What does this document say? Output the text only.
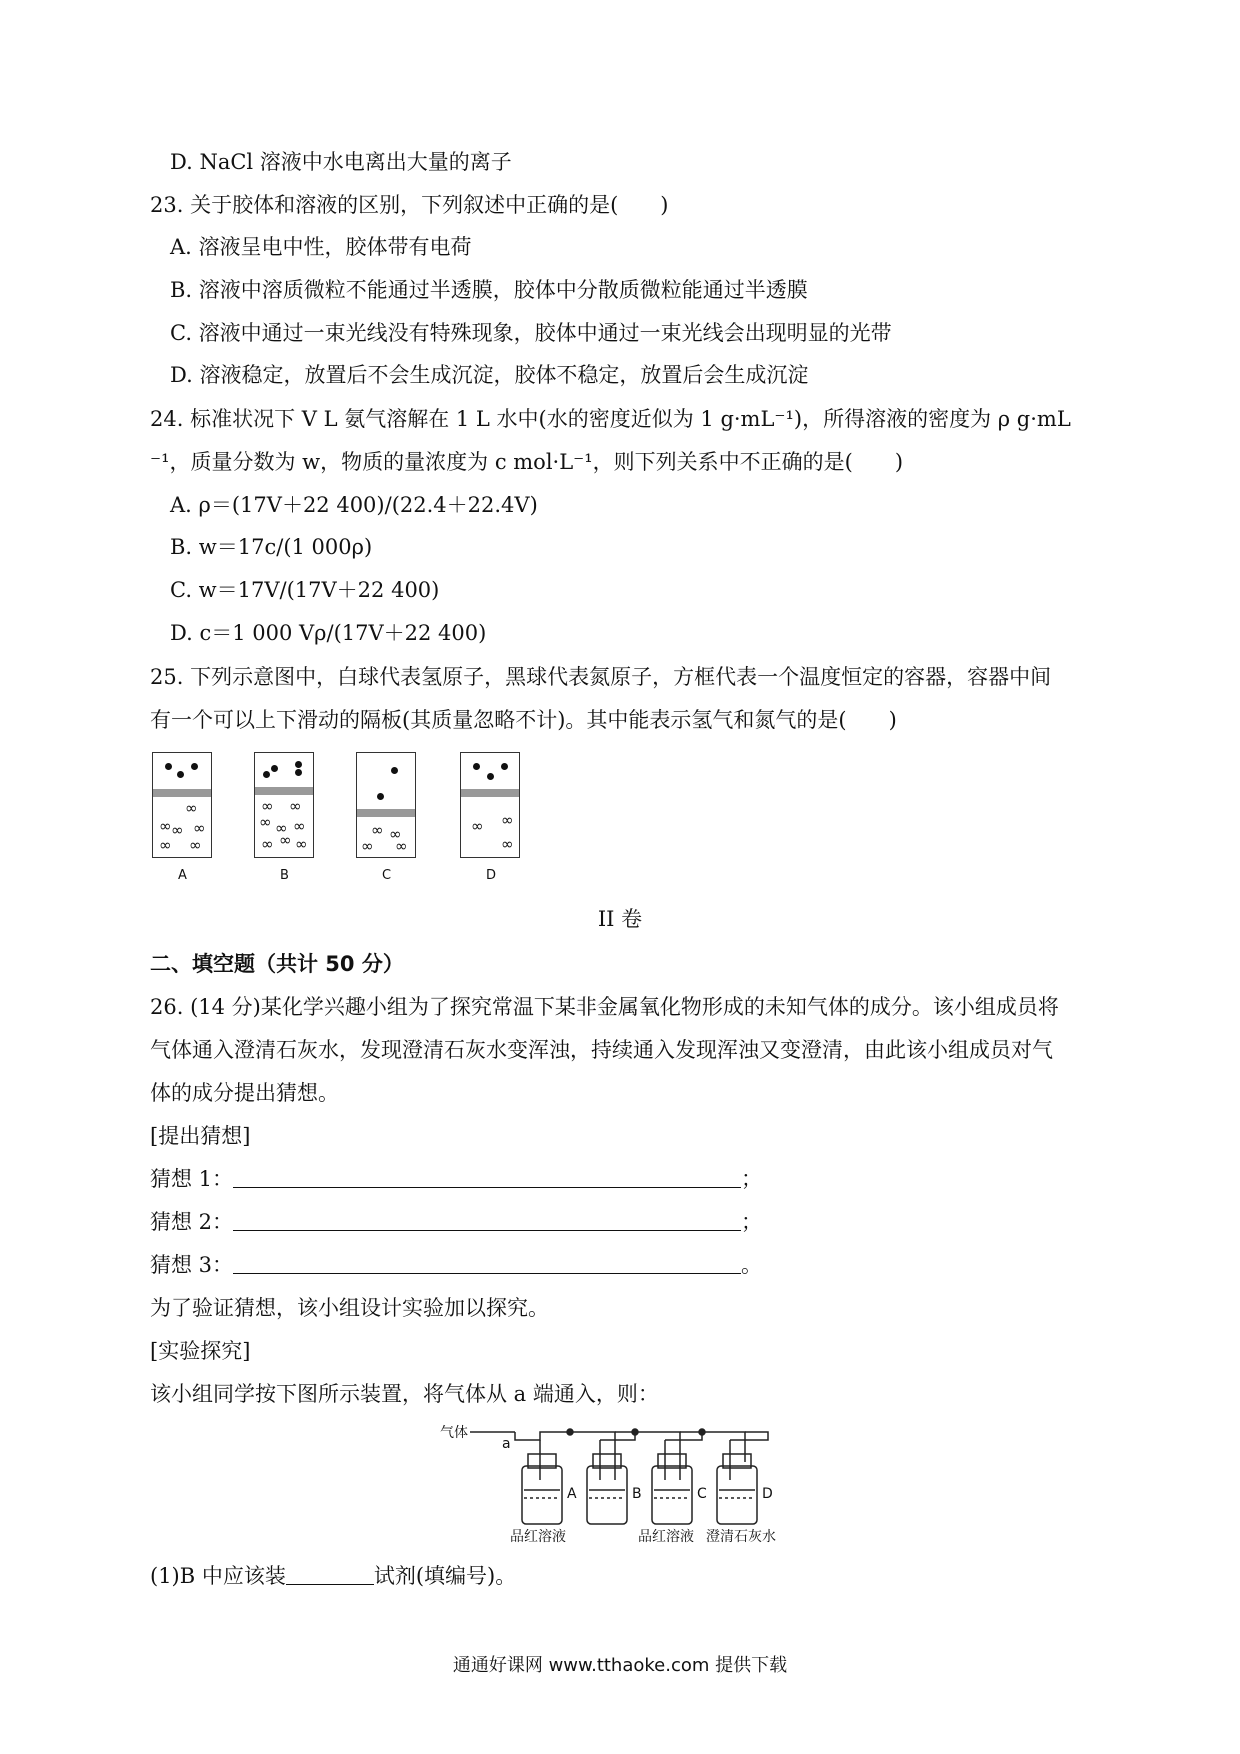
D. NaCl 溶液中水电离出大量的离子
23. 关于胶体和溶液的区别，下列叙述中正确的是(　　)
A. 溶液呈电中性，胶体带有电荷
B. 溶液中溶质微粒不能通过半透膜，胶体中分散质微粒能通过半透膜
C. 溶液中通过一束光线没有特殊现象，胶体中通过一束光线会出现明显的光带
D. 溶液稳定，放置后不会生成沉淀，胶体不稳定，放置后会生成沉淀
24. 标准状况下 V L 氨气溶解在 1 L 水中(水的密度近似为 1 g·mL⁻¹)，所得溶液的密度为 ρ g·mL
⁻¹，质量分数为 w，物质的量浓度为 c mol·L⁻¹，则下列关系中不正确的是(　　)
A. ρ＝(17V＋22 400)/(22.4＋22.4V)
B. w＝17c/(1 000ρ)
C. w＝17V/(17V＋22 400)
D. c＝1 000 Vρ/(17V＋22 400)
25. 下列示意图中，白球代表氢原子，黑球代表氮原子，方框代表一个温度恒定的容器，容器中间
有一个可以上下滑动的隔板(其质量忽略不计)。其中能表示氢气和氮气的是(　　)
∞
∞ ∞ ∞
∞ ∞
A
∞ ∞
∞ ∞ ∞
∞ ∞ ∞
B
∞ ∞
∞ ∞
C
∞ ∞
∞
D
II 卷
二、填空题（共计 50 分）
26. (14 分)某化学兴趣小组为了探究常温下某非金属氧化物形成的未知气体的成分。该小组成员将
气体通入澄清石灰水，发现澄清石灰水变浑浊，持续通入发现浑浊又变澄清，由此该小组成员对气
体的成分提出猜想。
[提出猜想]
猜想 1：	；
猜想 2：	；
猜想 3：	。
为了验证猜想，该小组设计实验加以探究。
[实验探究]
该小组同学按下图所示装置，将气体从 a 端通入，则：
气体
a
A	B	C	D
品红溶液	品红溶液 澄清石灰水
(1)B 中应该装	试剂(填编号)。
通通好课网 www.tthaoke.com 提供下载
